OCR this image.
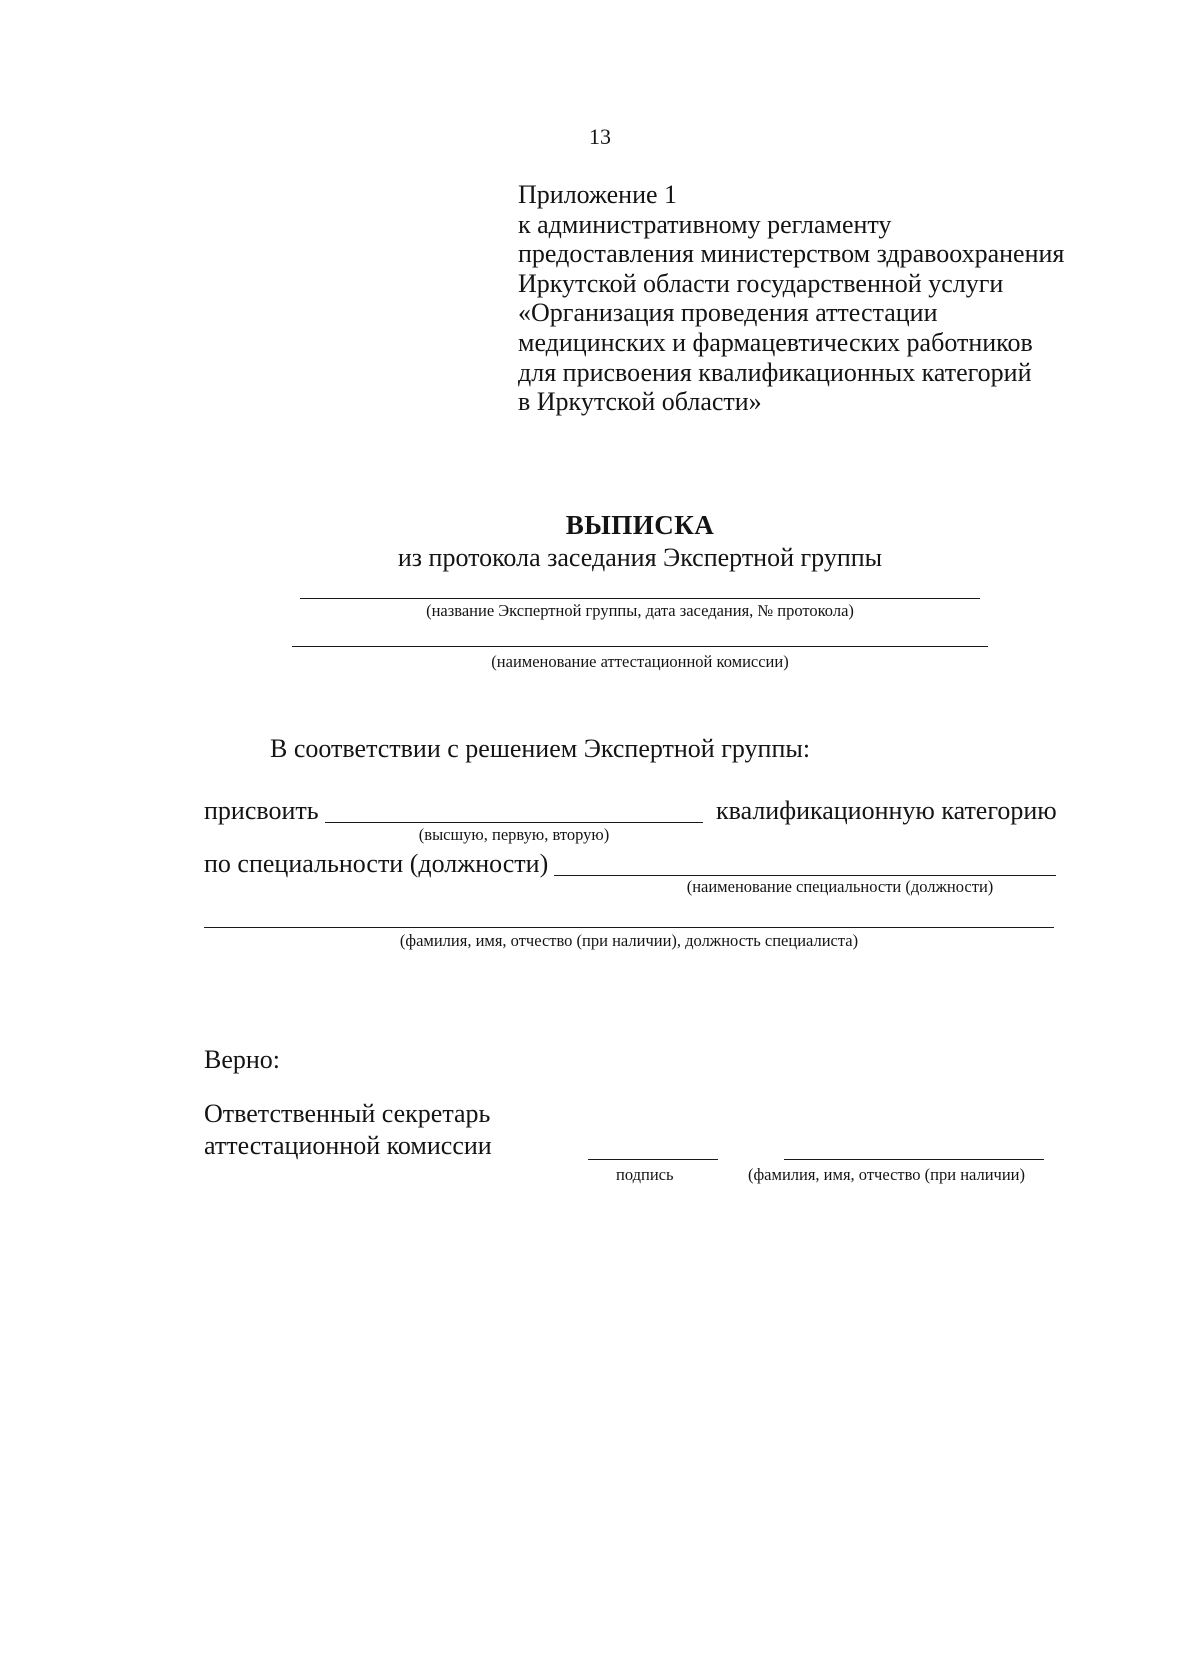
13
Приложение 1
к административному регламенту
предоставления министерством здравоохранения
Иркутской области государственной услуги
«Организация проведения аттестации
медицинских и фармацевтических работников
для присвоения квалификационных категорий
в Иркутской области»
ВЫПИСКА
из протокола заседания Экспертной группы
(название Экспертной группы, дата заседания, № протокола)
(наименование аттестационной комиссии)
В соответствии с решением Экспертной группы:
присвоить	квалификационную категорию
(высшую, первую, вторую)
по специальности (должности)
(наименование специальности (должности)
(фамилия, имя, отчество (при наличии), должность специалиста)
Верно:
Ответственный секретарь
аттестационной комиссии
подпись	(фамилия, имя, отчество (при наличии)
